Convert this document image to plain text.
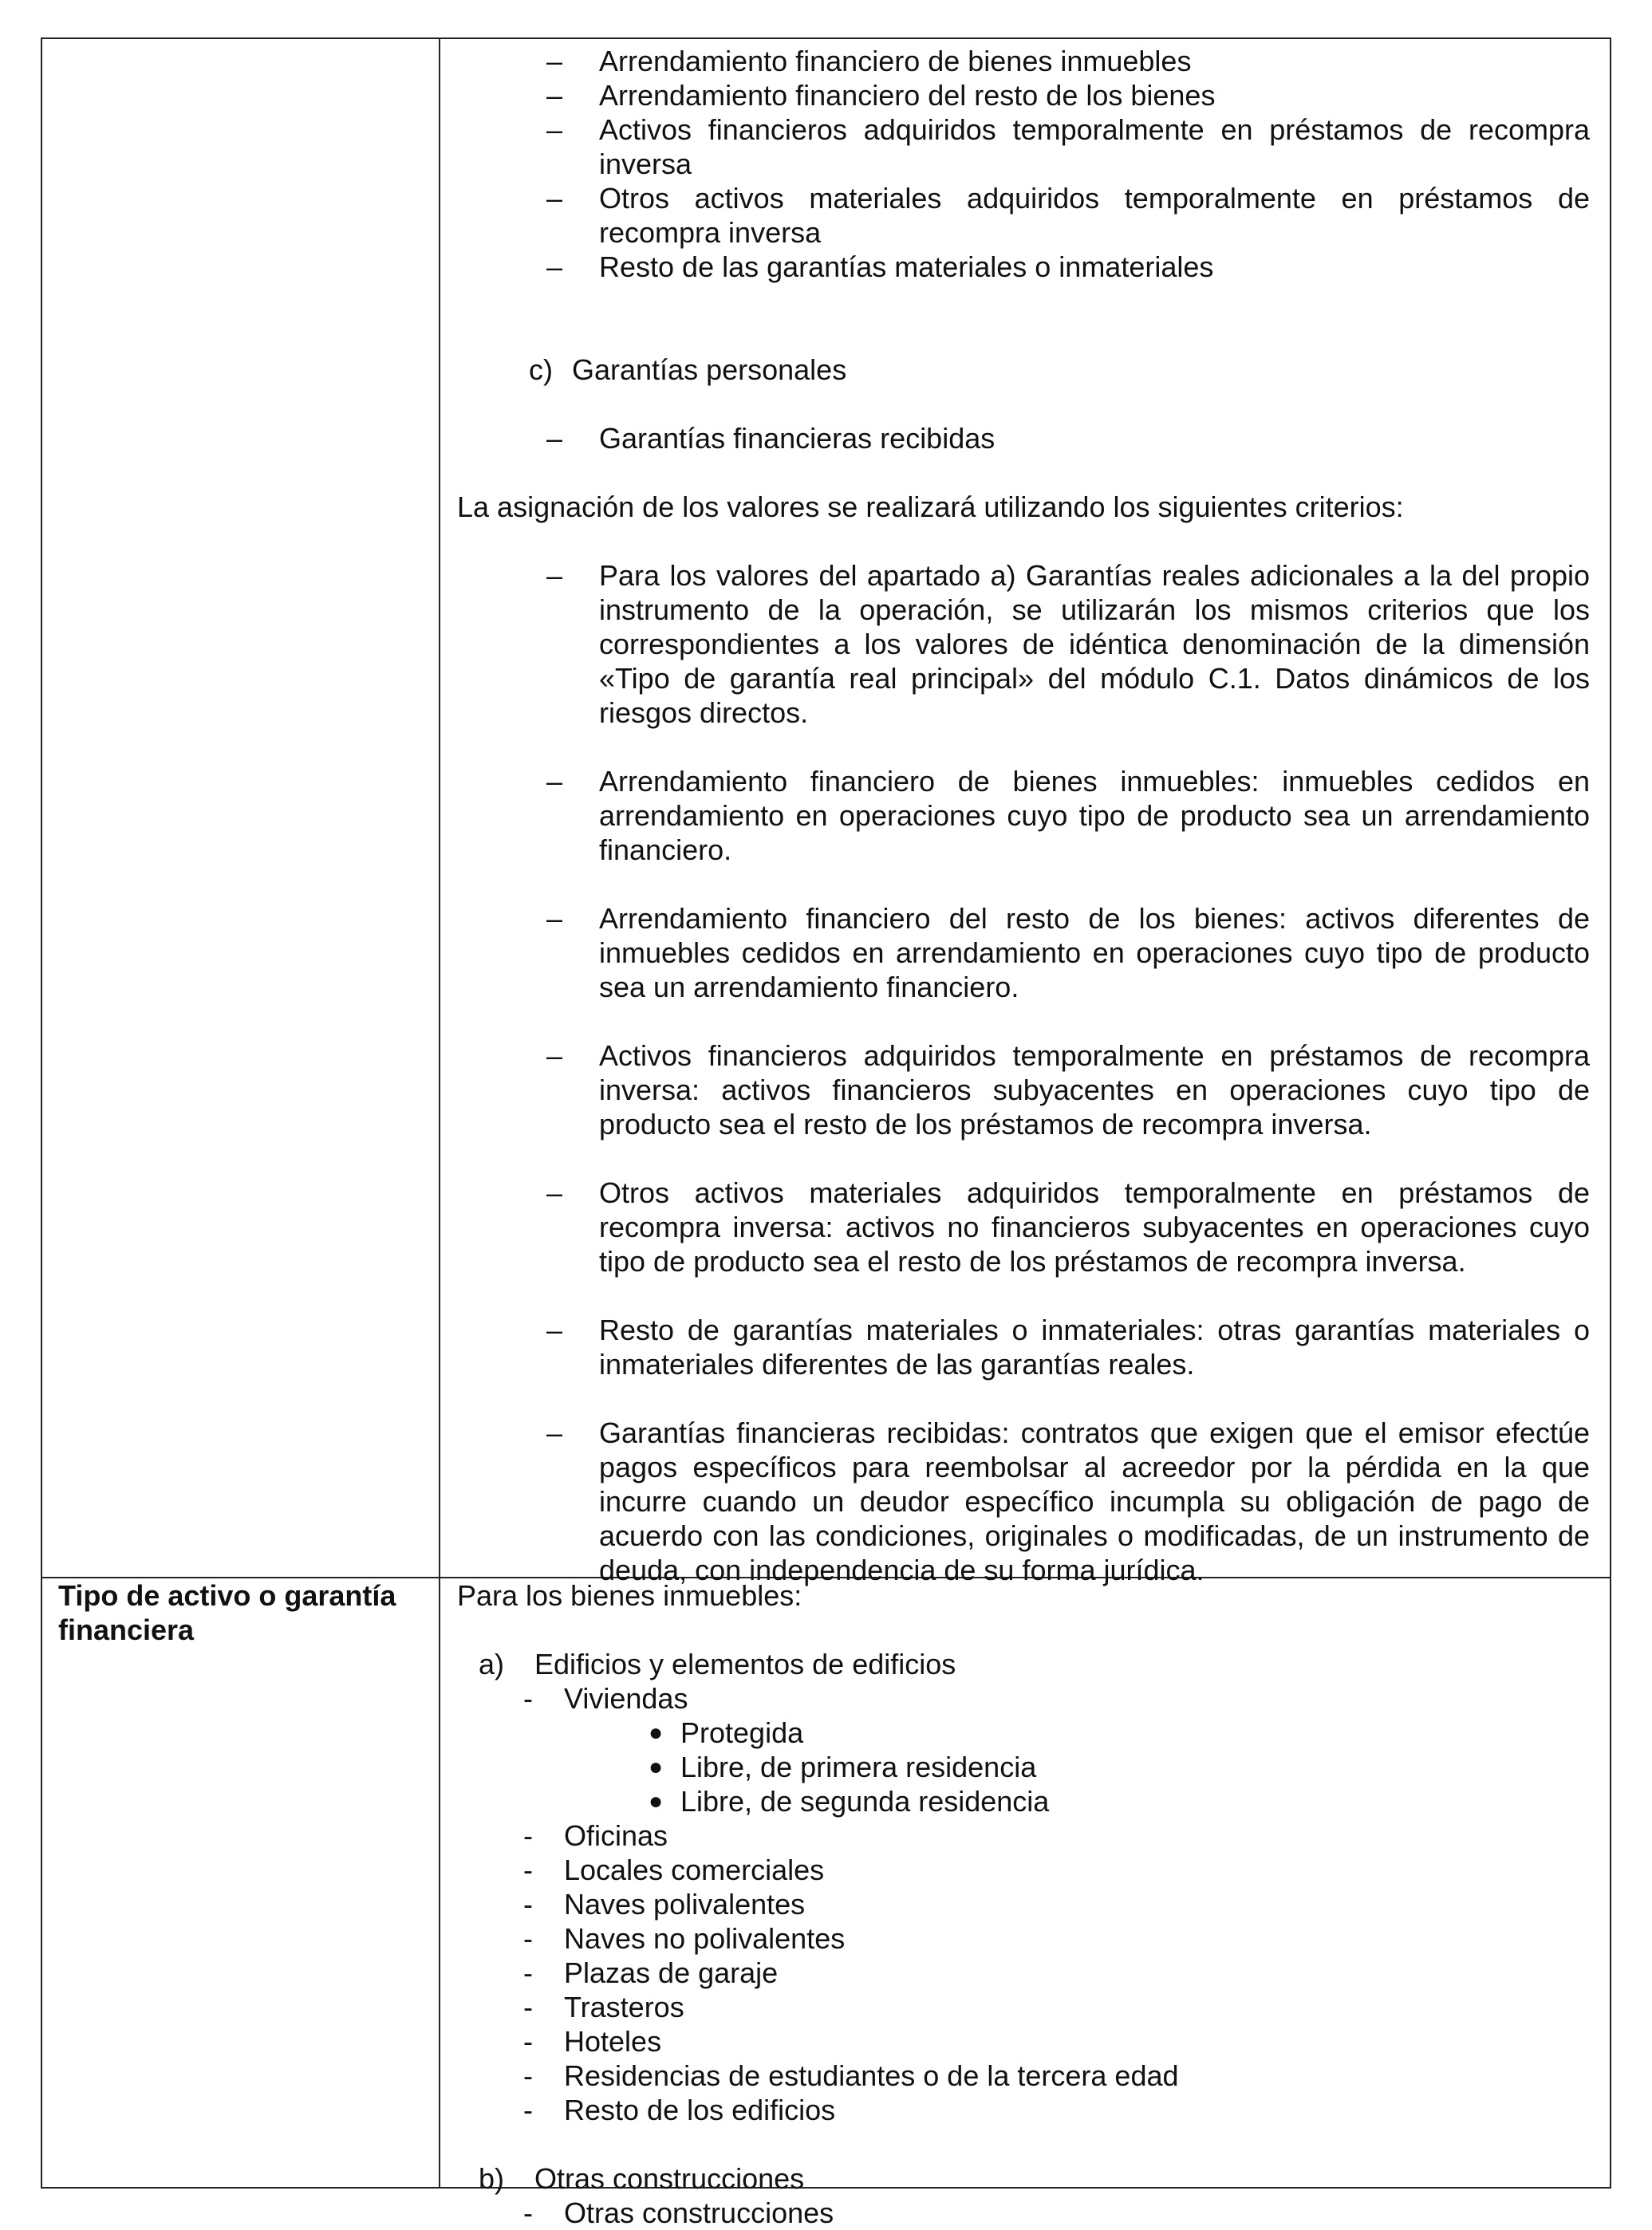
– Arrendamiento financiero de bienes inmuebles
– Arrendamiento financiero del resto de los bienes
– Activos financieros adquiridos temporalmente en préstamos de recompra inversa
– Otros activos materiales adquiridos temporalmente en préstamos de recompra inversa
– Resto de las garantías materiales o inmateriales
c) Garantías personales
– Garantías financieras recibidas
La asignación de los valores se realizará utilizando los siguientes criterios:
– Para los valores del apartado a) Garantías reales adicionales a la del propio instrumento de la operación, se utilizarán los mismos criterios que los correspondientes a los valores de idéntica denominación de la dimensión «Tipo de garantía real principal» del módulo C.1. Datos dinámicos de los riesgos directos.
– Arrendamiento financiero de bienes inmuebles: inmuebles cedidos en arrendamiento en operaciones cuyo tipo de producto sea un arrendamiento financiero.
– Arrendamiento financiero del resto de los bienes: activos diferentes de inmuebles cedidos en arrendamiento en operaciones cuyo tipo de producto sea un arrendamiento financiero.
– Activos financieros adquiridos temporalmente en préstamos de recompra inversa: activos financieros subyacentes en operaciones cuyo tipo de producto sea el resto de los préstamos de recompra inversa.
– Otros activos materiales adquiridos temporalmente en préstamos de recompra inversa: activos no financieros subyacentes en operaciones cuyo tipo de producto sea el resto de los préstamos de recompra inversa.
– Resto de garantías materiales o inmateriales: otras garantías materiales o inmateriales diferentes de las garantías reales.
– Garantías financieras recibidas: contratos que exigen que el emisor efectúe pagos específicos para reembolsar al acreedor por la pérdida en la que incurre cuando un deudor específico incumpla su obligación de pago de acuerdo con las condiciones, originales o modificadas, de un instrumento de deuda, con independencia de su forma jurídica.
Tipo de activo o garantía financiera
Para los bienes inmuebles:
a) Edificios y elementos de edificios
- Viviendas
● Protegida
● Libre, de primera residencia
● Libre, de segunda residencia
- Oficinas
- Locales comerciales
- Naves polivalentes
- Naves no polivalentes
- Plazas de garaje
- Trasteros
- Hoteles
- Residencias de estudiantes o de la tercera edad
- Resto de los edificios
b) Otras construcciones
- Otras construcciones
